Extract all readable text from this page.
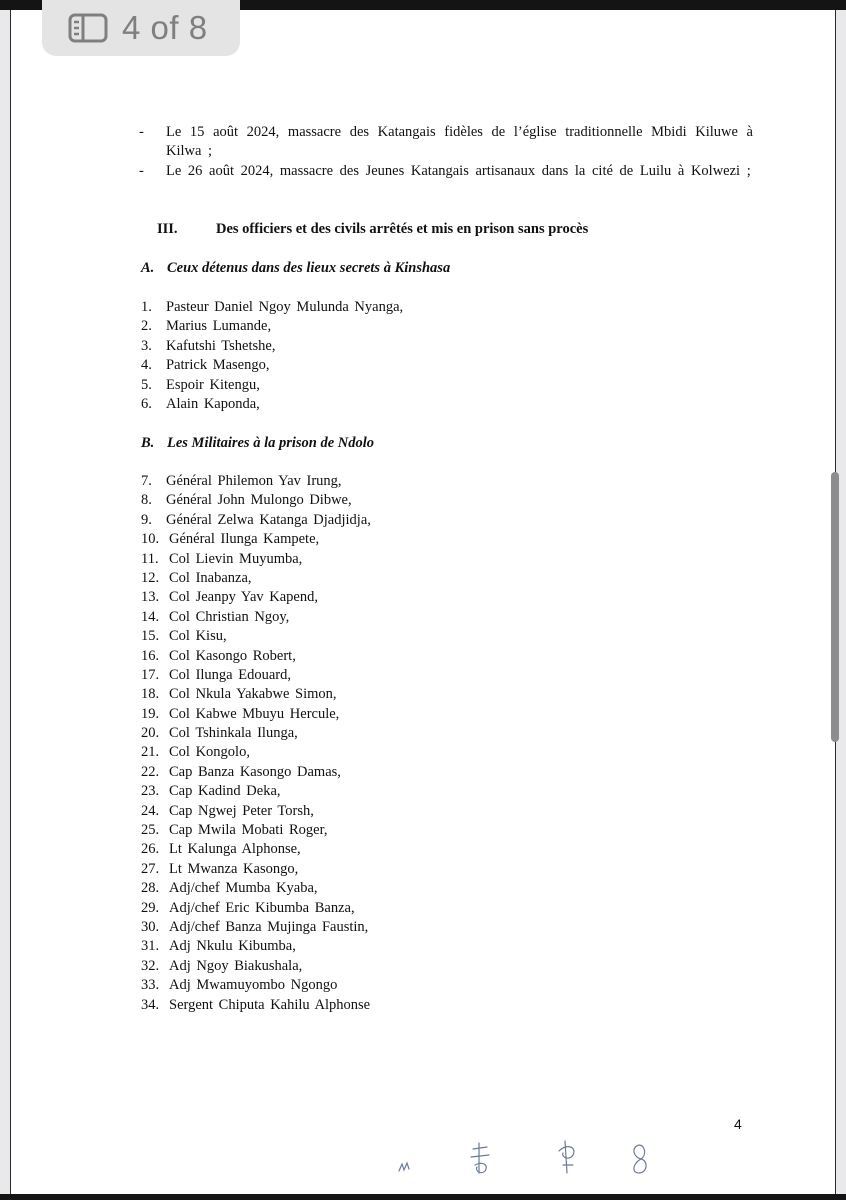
-	Le 15 août 2024, massacre des Katangais fidèles de l’église traditionnelle Mbidi Kiluwe à Kilwa ;
-	Le 26 août 2024, massacre des Jeunes Katangais artisanaux dans la cité de Luilu à Kolwezi ;
III.	Des officiers et des civils arrêtés et mis en prison sans procès
A. Ceux détenus dans des lieux secrets à Kinshasa
1. Pasteur Daniel Ngoy Mulunda Nyanga,
2. Marius Lumande,
3. Kafutshi Tshetshe,
4. Patrick Masengo,
5. Espoir Kitengu,
6. Alain Kaponda,
B. Les Militaires à la prison de Ndolo
7. Général Philemon Yav Irung,
8. Général John Mulongo Dibwe,
9. Général Zelwa Katanga Djadjidja,
10. Général Ilunga Kampete,
11. Col Lievin Muyumba,
12. Col Inabanza,
13. Col Jeanpy Yav Kapend,
14. Col Christian Ngoy,
15. Col Kisu,
16. Col Kasongo Robert,
17. Col Ilunga Edouard,
18. Col Nkula Yakabwe Simon,
19. Col Kabwe Mbuyu Hercule,
20. Col Tshinkala Ilunga,
21. Col Kongolo,
22. Cap Banza Kasongo Damas,
23. Cap Kadind Deka,
24. Cap Ngwej Peter Torsh,
25. Cap Mwila Mobati Roger,
26. Lt Kalunga Alphonse,
27. Lt Mwanza Kasongo,
28. Adj/chef Mumba Kyaba,
29. Adj/chef Eric Kibumba Banza,
30. Adj/chef Banza Mujinga Faustin,
31. Adj Nkulu Kibumba,
32. Adj Ngoy Biakushala,
33. Adj Mwamuyombo Ngongo
34. Sergent Chiputa Kahilu Alphonse
4
4 of 8
